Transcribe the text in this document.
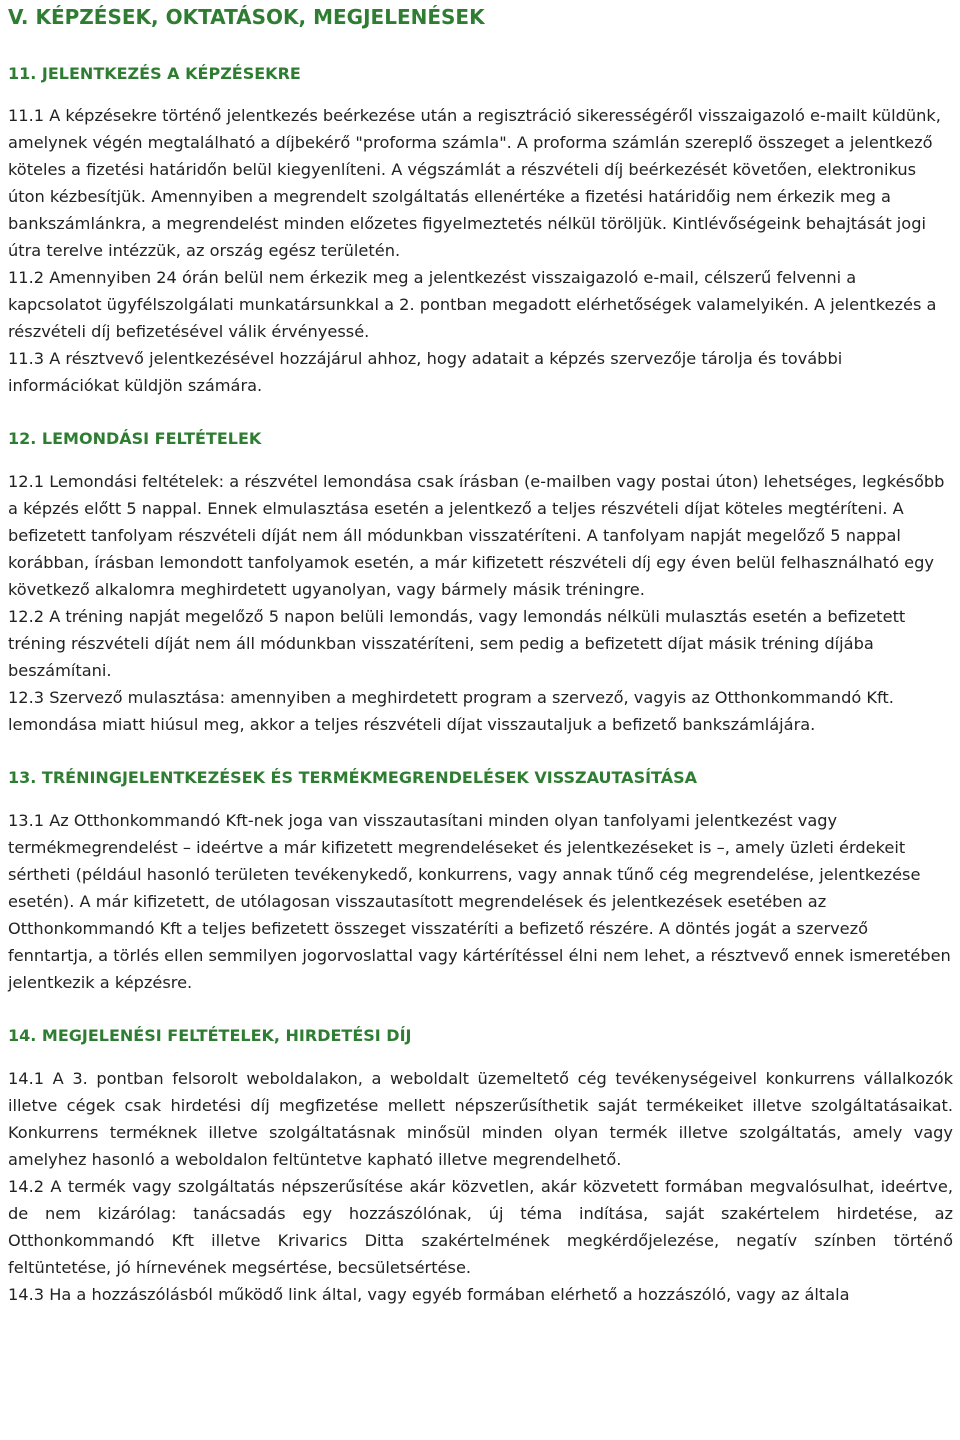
V. KÉPZÉSEK, OKTATÁSOK, MEGJELENÉSEK
11. JELENTKEZÉS A KÉPZÉSEKRE

11.1 A képzésekre történő jelentkezés beérkezése után a regisztráció sikerességéről visszaigazoló e-mailt küldünk, amelynek végén megtalálható a díjbekérő "proforma számla". A proforma számlán szereplő összeget a jelentkező köteles a fizetési határidőn belül kiegyenlíteni. A végszámlát a részvételi díj beérkezését követően, elektronikus úton kézbesítjük. Amennyiben a megrendelt szolgáltatás ellenértéke a fizetési határidőig nem érkezik meg a bankszámlánkra, a megrendelést minden előzetes figyelmeztetés nélkül töröljük. Kintlévőségeink behajtását jogi útra terelve intézzük, az ország egész területén.

11.2 Amennyiben 24 órán belül nem érkezik meg a jelentkezést visszaigazoló e-mail, célszerű felvenni a kapcsolatot ügyfélszolgálati munkatársunkkal a 2. pontban megadott elérhetőségek valamelyikén. A jelentkezés a részvételi díj befizetésével válik érvényessé.

11.3 A résztvevő jelentkezésével hozzájárul ahhoz, hogy adatait a képzés szervezője tárolja és további információkat küldjön számára.

12. LEMONDÁSI FELTÉTELEK

12.1 Lemondási feltételek: a részvétel lemondása csak írásban (e-mailben vagy postai úton) lehetséges, legkésőbb a képzés előtt 5 nappal. Ennek elmulasztása esetén a jelentkező a teljes részvételi díjat köteles megtéríteni. A befizetett tanfolyam részvételi díját nem áll módunkban visszatéríteni. A tanfolyam napját megelőző 5 nappal korábban, írásban lemondott tanfolyamok esetén, a már kifizetett részvételi díj egy éven belül felhasználható egy következő alkalomra meghirdetett ugyanolyan, vagy bármely másik tréningre.

12.2 A tréning napját megelőző 5 napon belüli lemondás, vagy lemondás nélküli mulasztás esetén a befizetett tréning részvételi díját nem áll módunkban visszatéríteni, sem pedig a befizetett díjat másik tréning díjába beszámítani.

12.3 Szervező mulasztása: amennyiben a meghirdetett program a szervező, vagyis az Otthonkommandó Kft. lemondása miatt hiúsul meg, akkor a teljes részvételi díjat visszautaljuk a befizető bankszámlájára.

13. TRÉNINGJELENTKEZÉSEK ÉS TERMÉKMEGRENDELÉSEK VISSZAUTASÍTÁSA

13.1 Az Otthonkommandó Kft-nek joga van visszautasítani minden olyan tanfolyami jelentkezést vagy termékmegrendelést – ideértve a már kifizetett megrendeléseket és jelentkezéseket is –, amely üzleti érdekeit sértheti (például hasonló területen tevékenykedő, konkurrens, vagy annak tűnő cég megrendelése, jelentkezése esetén). A már kifizetett, de utólagosan visszautasított megrendelések és jelentkezések esetében az Otthonkommandó Kft a teljes befizetett összeget visszatéríti a befizető részére. A döntés jogát a szervező fenntartja, a törlés ellen semmilyen jogorvoslattal vagy kártérítéssel élni nem lehet, a résztvevő ennek ismeretében jelentkezik a képzésre.

14. MEGJELENÉSI FELTÉTELEK, HIRDETÉSI DÍJ

14.1 A 3. pontban felsorolt weboldalakon, a weboldalt üzemeltető cég tevékenységeivel konkurrens vállalkozók illetve cégek csak hirdetési díj megfizetése mellett népszerűsíthetik saját termékeiket illetve szolgáltatásaikat. Konkurrens terméknek illetve szolgáltatásnak minősül minden olyan termék illetve szolgáltatás, amely vagy amelyhez hasonló a weboldalon feltüntetve kapható illetve megrendelhető.

14.2 A termék vagy szolgáltatás népszerűsítése akár közvetlen, akár közvetett formában megvalósulhat, ideértve, de nem kizárólag: tanácsadás egy hozzászólónak, új téma indítása, saját szakértelem hirdetése, az Otthonkommandó Kft illetve Krivarics Ditta szakértelmének megkérdőjelezése, negatív színben történő feltüntetése, jó hírnevének megsértése, becsületsértése.

14.3 Ha a hozzászólásból működő link által, vagy egyéb formában elérhető a hozzászóló, vagy az általa
